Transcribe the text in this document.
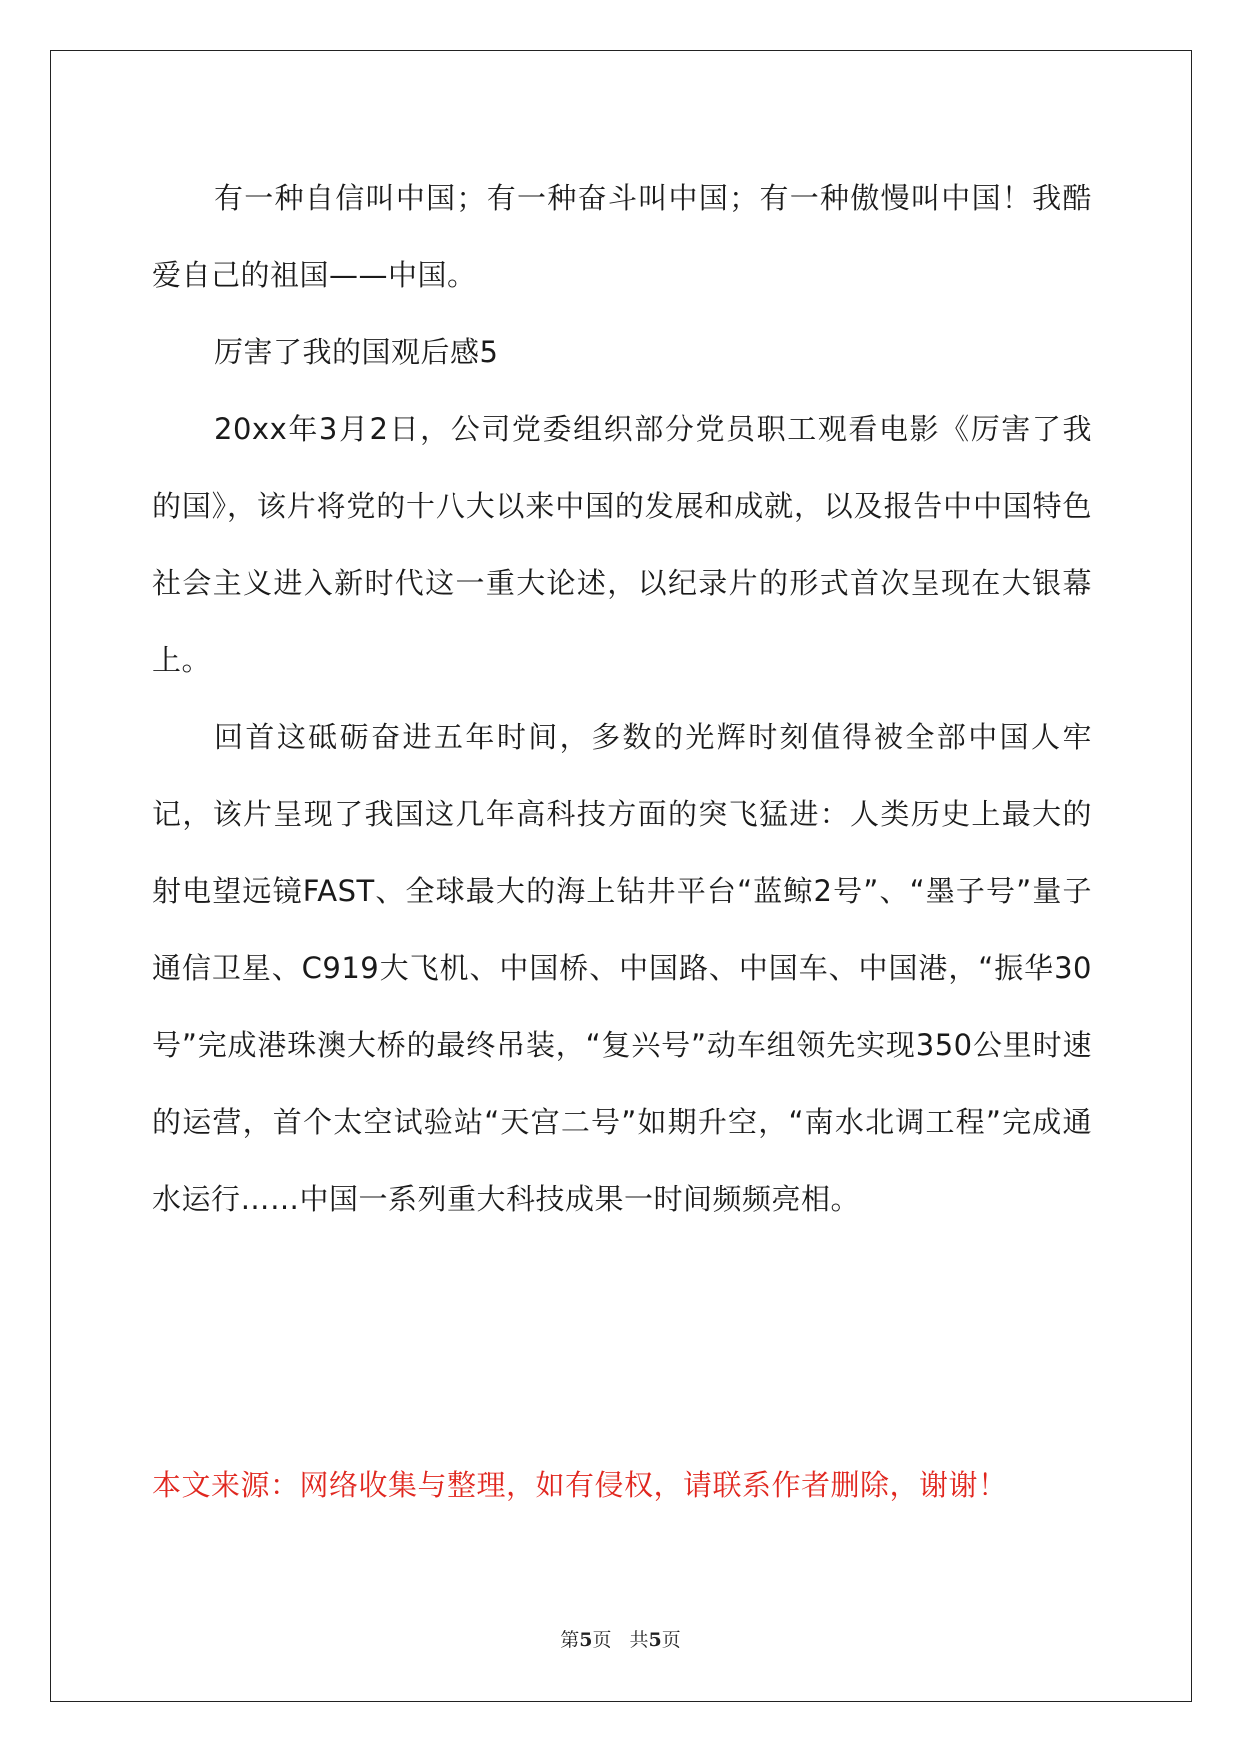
有一种自信叫中国；有一种奋斗叫中国；有一种傲慢叫中国！我酷爱自己的祖国——中国。

厉害了我的国观后感5

20xx年3月2日，公司党委组织部分党员职工观看电影《厉害了我的国》，该片将党的十八大以来中国的发展和成就，以及报告中中国特色社会主义进入新时代这一重大论述，以纪录片的形式首次呈现在大银幕上。

回首这砥砺奋进五年时间，多数的光辉时刻值得被全部中国人牢记，该片呈现了我国这几年高科技方面的突飞猛进：人类历史上最大的射电望远镜FAST、全球最大的海上钻井平台“蓝鲸2号”、“墨子号”量子通信卫星、C919大飞机、中国桥、中国路、中国车、中国港，“振华30号”完成港珠澳大桥的最终吊装，“复兴号”动车组领先实现350公里时速的运营，首个太空试验站“天宫二号”如期升空，“南水北调工程”完成通水运行……中国一系列重大科技成果一时间频频亮相。

本文来源：网络收集与整理，如有侵权，请联系作者删除，谢谢！

第5页 共5页
